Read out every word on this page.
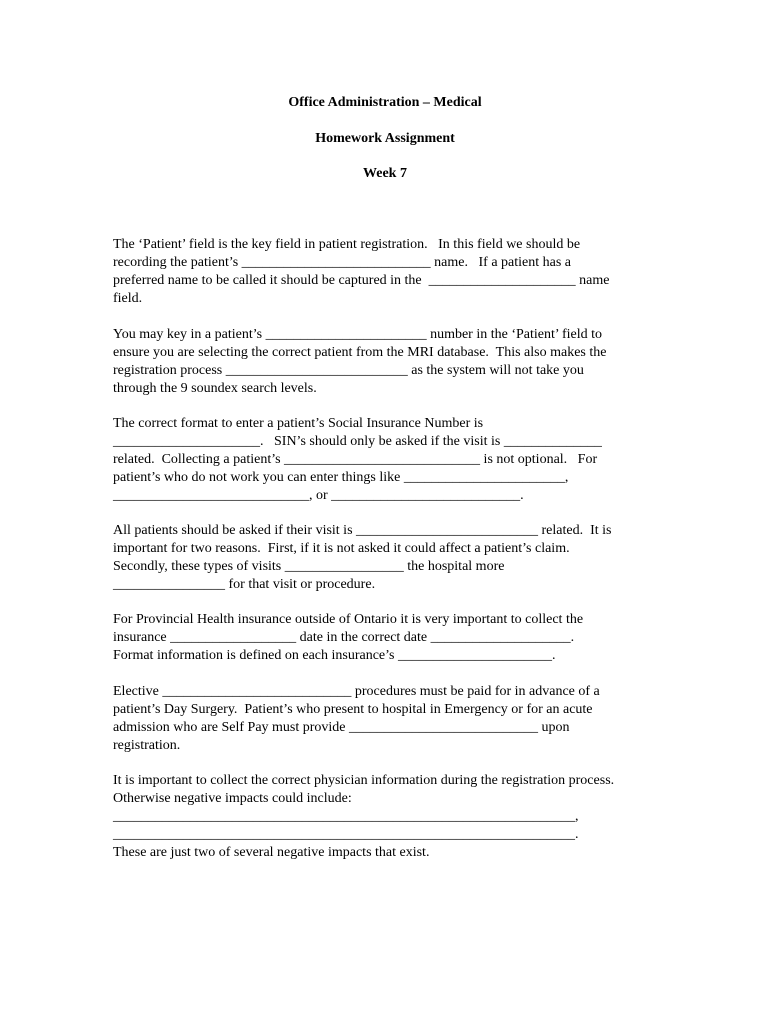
Office Administration – Medical
Homework Assignment
Week 7
The ‘Patient’ field is the key field in patient registration.   In this field we should be
recording the patient’s ___________________________ name.   If a patient has a
preferred name to be called it should be captured in the  _____________________ name
field.
You may key in a patient’s _______________________ number in the ‘Patient’ field to
ensure you are selecting the correct patient from the MRI database.  This also makes the
registration process __________________________ as the system will not take you
through the 9 soundex search levels.
The correct format to enter a patient’s Social Insurance Number is
_____________________.   SIN’s should only be asked if the visit is ______________
related.  Collecting a patient’s ____________________________ is not optional.   For
patient’s who do not work you can enter things like _______________________,
____________________________, or ___________________________.
All patients should be asked if their visit is __________________________ related.  It is
important for two reasons.  First, if it is not asked it could affect a patient’s claim.
Secondly, these types of visits _________________ the hospital more
________________ for that visit or procedure.
For Provincial Health insurance outside of Ontario it is very important to collect the
insurance __________________ date in the correct date ____________________.
Format information is defined on each insurance’s ______________________.
Elective ___________________________ procedures must be paid for in advance of a
patient’s Day Surgery.  Patient’s who present to hospital in Emergency or for an acute
admission who are Self Pay must provide ___________________________ upon
registration.
It is important to collect the correct physician information during the registration process.
Otherwise negative impacts could include:
__________________________________________________________________,
__________________________________________________________________.
These are just two of several negative impacts that exist.
